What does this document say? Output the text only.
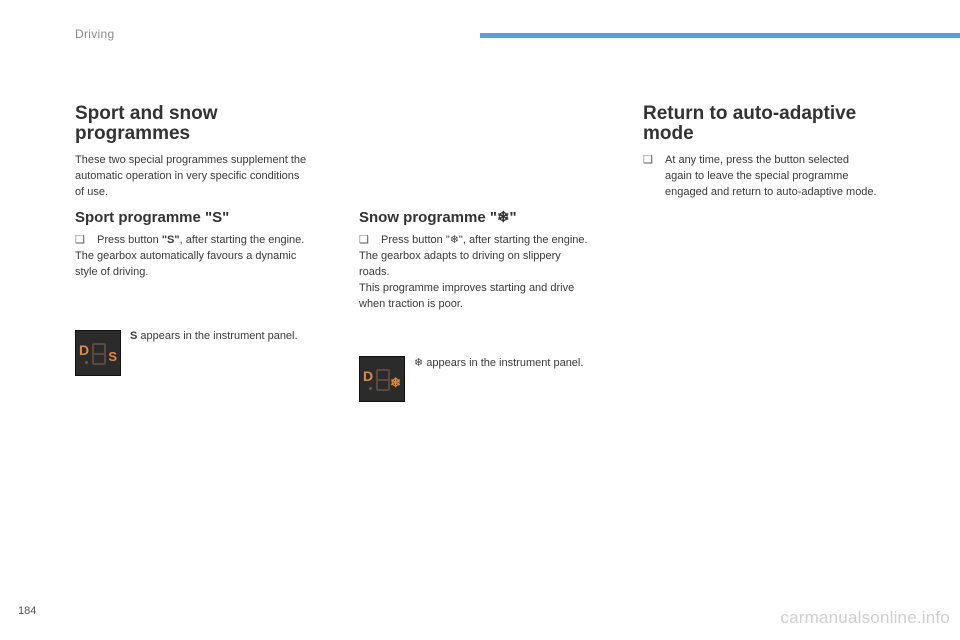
Driving
Sport and snow
programmes

These two special programmes supplement the
automatic operation in very specific conditions
of use.

Sport programme "S"

❑ Press button "S", after starting the engine.
The gearbox automatically favours a dynamic
style of driving.

D S

S appears in the instrument panel.

Snow programme "❄"

❑ Press button "❄", after starting the engine.
The gearbox adapts to driving on slippery
roads.
This programme improves starting and drive
when traction is poor.

D ❄

❄ appears in the instrument panel.

Return to auto-adaptive
mode

❑ At any time, press the button selected
again to leave the special programme
engaged and return to auto-adaptive mode.

184	carmanualsonline.info
